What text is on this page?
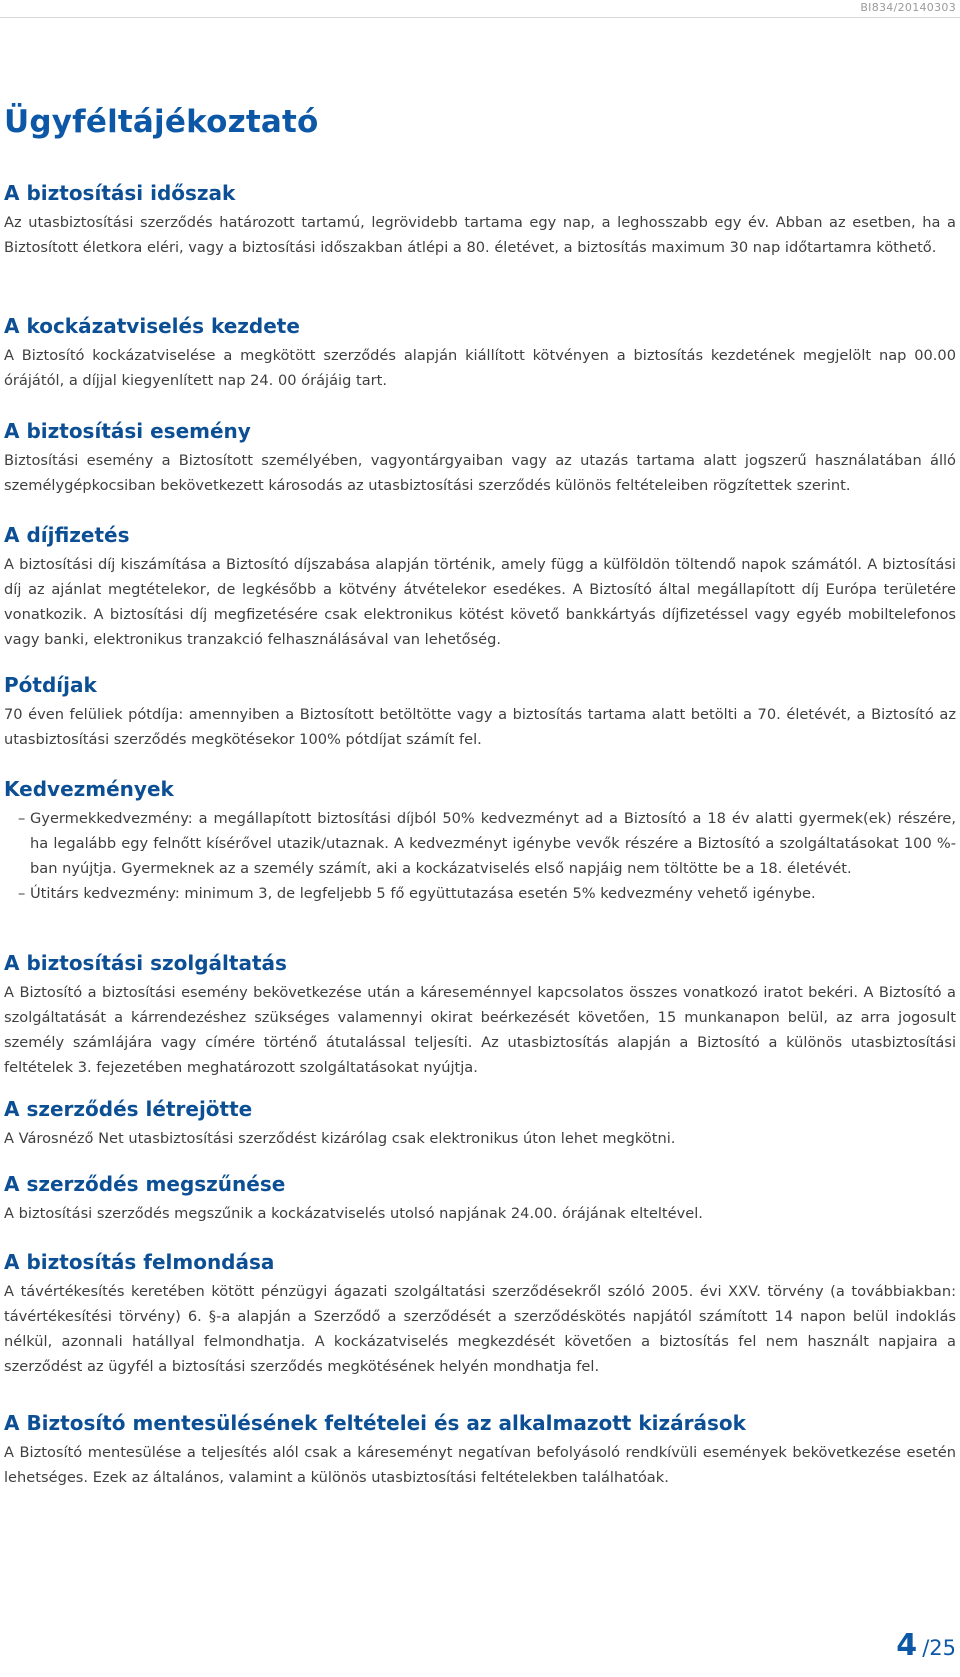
BI834/20140303
Ügyféltájékoztató
A biztosítási időszak

Az utasbiztosítási szerződés határozott tartamú, legrövidebb tartama egy nap, a leghosszabb egy év. Abban az esetben, ha a Biztosított életkora eléri, vagy a biztosítási időszakban átlépi a 80. életévet, a biztosítás maximum 30 nap időtartamra köthető.

A kockázatviselés kezdete

A Biztosító kockázatviselése a megkötött szerződés alapján kiállított kötvényen a biztosítás kezdetének megjelölt nap 00.00 órájától, a díjjal kiegyenlített nap 24. 00 órájáig tart.

A biztosítási esemény

Biztosítási esemény a Biztosított személyében, vagyontárgyaiban vagy az utazás tartama alatt jogszerű használatában álló személygépkocsiban bekövetkezett károsodás az utasbiztosítási szerződés különös feltételeiben rögzítettek szerint.

A díjfizetés

A biztosítási díj kiszámítása a Biztosító díjszabása alapján történik, amely függ a külföldön töltendő napok számától. A biztosítási díj az ajánlat megtételekor, de legkésőbb a kötvény átvételekor esedékes. A Biztosító által megállapított díj Európa területére vonatkozik. A biztosítási díj megfizetésére csak elektronikus kötést követő bankkártyás díjfizetéssel vagy egyéb mobiltelefonos vagy banki, elektronikus tranzakció felhasználásával van lehetőség.

Pótdíjak

70 éven felüliek pótdíja: amennyiben a Biztosított betöltötte vagy a biztosítás tartama alatt betölti a 70. életévét, a Biztosító az utasbiztosítási szerződés megkötésekor 100% pótdíjat számít fel.

Kedvezmények
– Gyermekkedvezmény: a megállapított biztosítási díjból 50% kedvezményt ad a Biztosító a 18 év alatti gyermek(ek) részére, ha legalább egy felnőtt kísérővel utazik/utaznak. A kedvezményt igénybe vevők részére a Biztosító a szolgáltatásokat 100 %-ban nyújtja. Gyermeknek az a személy számít, aki a kockázatviselés első napjáig nem töltötte be a 18. életévét.
– Útitárs kedvezmény: minimum 3, de legfeljebb 5 fő együttutazása esetén 5% kedvezmény vehető igénybe.
A biztosítási szolgáltatás

A Biztosító a biztosítási esemény bekövetkezése után a káreseménnyel kapcsolatos összes vonatkozó iratot bekéri. A Biztosító a szolgáltatását a kárrendezéshez szükséges valamennyi okirat beérkezését követően, 15 munkanapon belül, az arra jogosult személy számlájára vagy címére történő átutalással teljesíti. Az utasbiztosítás alapján a Biztosító a különös utasbiztosítási feltételek 3. fejezetében meghatározott szolgáltatásokat nyújtja.

A szerződés létrejötte

A Városnéző Net utasbiztosítási szerződést kizárólag csak elektronikus úton lehet megkötni.

A szerződés megszűnése

A biztosítási szerződés megszűnik a kockázatviselés utolsó napjának 24.00. órájának elteltével.

A biztosítás felmondása

A távértékesítés keretében kötött pénzügyi ágazati szolgáltatási szerződésekről szóló 2005. évi XXV. törvény (a továbbiakban: távértékesítési törvény) 6. §-a alapján a Szerződő a szerződését a szerződéskötés napjától számított 14 napon belül indoklás nélkül, azonnali hatállyal felmondhatja. A kockázatviselés megkezdését követően a biztosítás fel nem használt napjaira a szerződést az ügyfél a biztosítási szerződés megkötésének helyén mondhatja fel.

A Biztosító mentesülésének feltételei és az alkalmazott kizárások

A Biztosító mentesülése a teljesítés alól csak a káreseményt negatívan befolyásoló rendkívüli események bekövetkezése esetén lehetséges. Ezek az általános, valamint a különös utasbiztosítási feltételekben találhatóak.

4 /25
